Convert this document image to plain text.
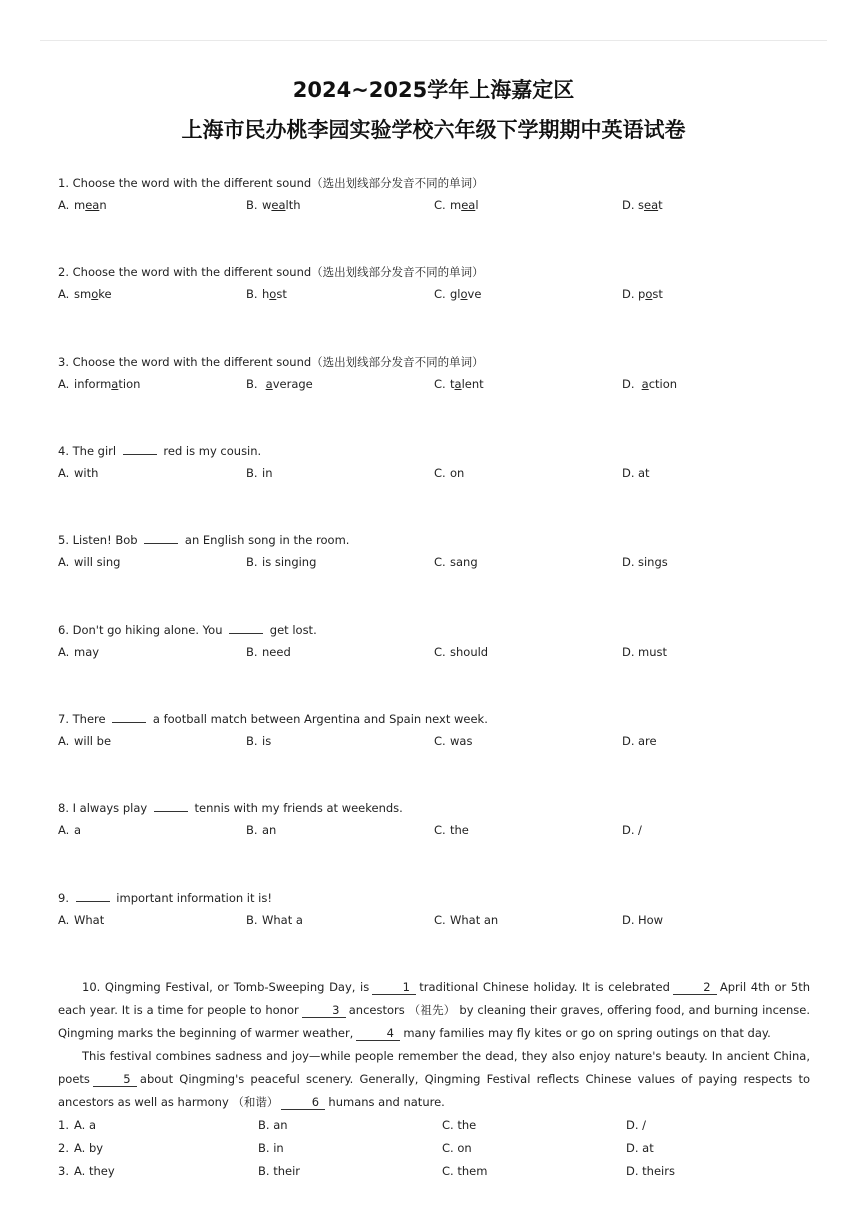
2024~2025学年上海嘉定区
上海市民办桃李园实验学校六年级下学期期中英语试卷
1. Choose the word with the different sound（选出划线部分发音不同的单词）
A. mean	B. wealth	C. meal	D. seat
2. Choose the word with the different sound（选出划线部分发音不同的单词）
A. smoke	B. host	C. glove	D. post
3. Choose the word with the different sound（选出划线部分发音不同的单词）
A. information	B. average	C. talent	D. action
4. The girl	red is my cousin.
A. with	B. in	C. on	D. at
5. Listen! Bob	an English song in the room.
A. will sing	B. is singing	C. sang	D. sings
6. Don't go hiking alone. You	get lost.
A. may	B. need	C. should	D. must
7. There	a football match between Argentina and Spain next week.
A. will be	B. is	C. was	D. are
8. I always play	tennis with my friends at weekends.
A. a	B. an	C. the	D. /
9.	important information it is!
A. What	B. What a	C. What an	D. How

10. Qingming Festival, or Tomb-Sweeping Day, is	1 traditional Chinese holiday. It is celebrated	2 April 4th or 5th each year. It is a time for people to honor	3 ancestors （祖先） by cleaning their graves, offering food, and burning incense. Qingming marks the beginning of warmer weather,	4 many families may fly kites or go on spring outings on that day.

This festival combines sadness and joy—while people remember the dead, they also enjoy nature's beauty. In ancient China, poets	5 about Qingming's peaceful scenery. Generally, Qingming Festival reflects Chinese values of paying respects to ancestors as well as harmony （和谐）	6 humans and nature.

1. A. a	B. an	C. the	D. /
2. A. by	B. in	C. on	D. at
3. A. they	B. their	C. them	D. theirs
